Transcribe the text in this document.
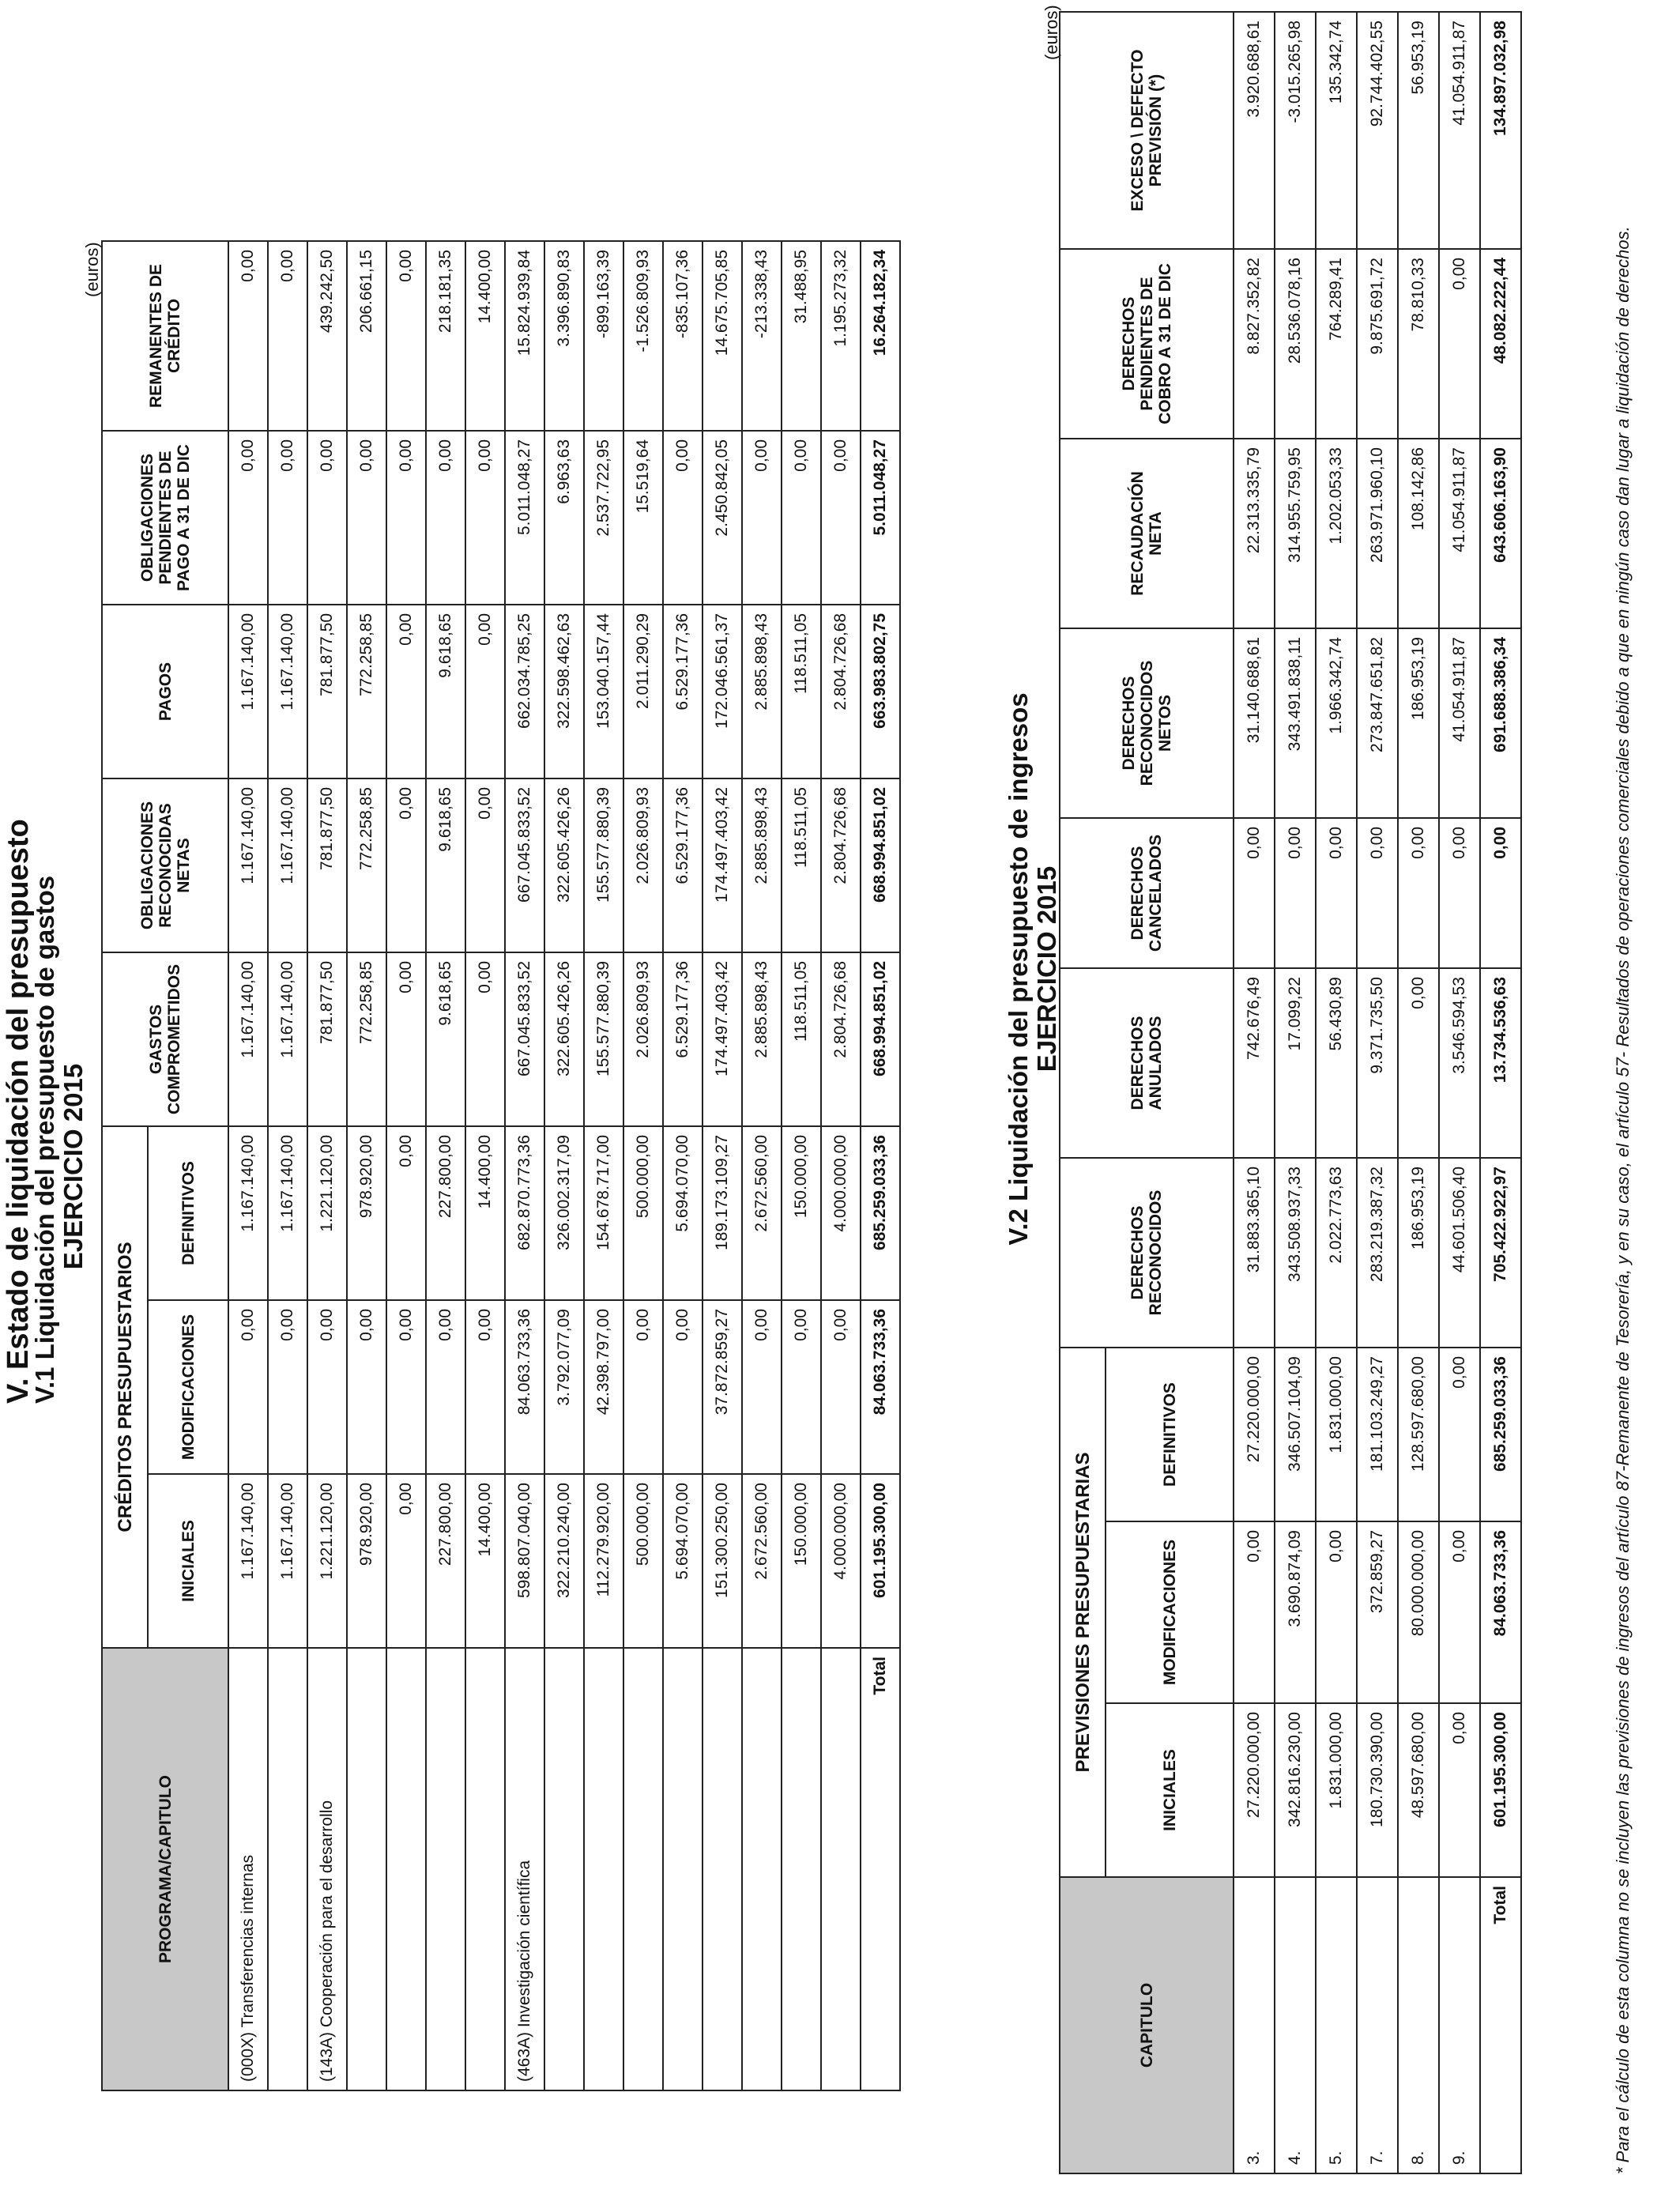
V. Estado de liquidación del presupuesto
V.1 Liquidación del presupuesto de gastos EJERCICIO 2015
(euros)
PROGRAMA/CAPITULO	CRÉDITOS PRESUPUESTARIOS			GASTOS COMPROMETIDOS	OBLIGACIONES RECONOCIDAS NETAS	PAGOS	OBLIGACIONES PENDIENTES DE PAGO A 31 DE DIC	REMANENTES DE CRÉDITO
	INICIALES	MODIFICACIONES	DEFINITIVOS					
(000X) Transferencias internas	1.167.140,00	0,00	1.167.140,00	1.167.140,00	1.167.140,00	1.167.140,00	0,00	0,00
	1.167.140,00	0,00	1.167.140,00	1.167.140,00	1.167.140,00	1.167.140,00	0,00	0,00
(143A) Cooperación para el desarrollo	1.221.120,00	0,00	1.221.120,00	781.877,50	781.877,50	781.877,50	0,00	439.242,50
	978.920,00	0,00	978.920,00	772.258,85	772.258,85	772.258,85	0,00	206.661,15
	0,00	0,00	0,00	0,00	0,00	0,00	0,00	0,00
	227.800,00	0,00	227.800,00	9.618,65	9.618,65	9.618,65	0,00	218.181,35
	14.400,00	0,00	14.400,00	0,00	0,00	0,00	0,00	14.400,00
(463A) Investigación científica	598.807.040,00	84.063.733,36	682.870.773,36	667.045.833,52	667.045.833,52	662.034.785,25	5.011.048,27	15.824.939,84
	322.210.240,00	3.792.077,09	326.002.317,09	322.605.426,26	322.605.426,26	322.598.462,63	6.963,63	3.396.890,83
	112.279.920,00	42.398.797,00	154.678.717,00	155.577.880,39	155.577.880,39	153.040.157,44	2.537.722,95	-899.163,39
	500.000,00	0,00	500.000,00	2.026.809,93	2.026.809,93	2.011.290,29	15.519,64	-1.526.809,93
	5.694.070,00	0,00	5.694.070,00	6.529.177,36	6.529.177,36	6.529.177,36	0,00	-835.107,36
	151.300.250,00	37.872.859,27	189.173.109,27	174.497.403,42	174.497.403,42	172.046.561,37	2.450.842,05	14.675.705,85
	2.672.560,00	0,00	2.672.560,00	2.885.898,43	2.885.898,43	2.885.898,43	0,00	-213.338,43
	150.000,00	0,00	150.000,00	118.511,05	118.511,05	118.511,05	0,00	31.488,95
	4.000.000,00	0,00	4.000.000,00	2.804.726,68	2.804.726,68	2.804.726,68	0,00	1.195.273,32
Total	601.195.300,00	84.063.733,36	685.259.033,36	668.994.851,02	668.994.851,02	663.983.802,75	5.011.048,27	16.264.182,34
V.2 Liquidación del presupuesto de ingresos EJERCICIO 2015
(euros)
CAPITULO	PREVISIONES PRESUPUESTARIAS			DERECHOS RECONOCIDOS	DERECHOS ANULADOS	DERECHOS CANCELADOS	DERECHOS RECONOCIDOS NETOS	RECAUDACIÓN NETA	DERECHOS PENDIENTES DE COBRO A 31 DE DIC	EXCESO \ DEFECTO PREVISIÓN (*)
	INICIALES	MODIFICACIONES	DEFINITIVOS							
3.	27.220.000,00	0,00	27.220.000,00	31.883.365,10	742.676,49	0,00	31.140.688,61	22.313.335,79	8.827.352,82	3.920.688,61
4.	342.816.230,00	3.690.874,09	346.507.104,09	343.508.937,33	17.099,22	0,00	343.491.838,11	314.955.759,95	28.536.078,16	-3.015.265,98
5.	1.831.000,00	0,00	1.831.000,00	2.022.773,63	56.430,89	0,00	1.966.342,74	1.202.053,33	764.289,41	135.342,74
7.	180.730.390,00	372.859,27	181.103.249,27	283.219.387,32	9.371.735,50	0,00	273.847.651,82	263.971.960,10	9.875.691,72	92.744.402,55
8.	48.597.680,00	80.000.000,00	128.597.680,00	186.953,19	0,00	0,00	186.953,19	108.142,86	78.810,33	56.953,19
9.	0,00	0,00	0,00	44.601.506,40	3.546.594,53	0,00	41.054.911,87	41.054.911,87	0,00	41.054.911,87
Total	601.195.300,00	84.063.733,36	685.259.033,36	705.422.922,97	13.734.536,63	0,00	691.688.386,34	643.606.163,90	48.082.222,44	134.897.032,98
* Para el cálculo de esta columna no se incluyen las previsiones de ingresos del artículo 87-Remanente de Tesorería, y en su caso, el artículo 57- Resultados de operaciones comerciales debido a que en ningún caso dan lugar a liquidación de derechos.
